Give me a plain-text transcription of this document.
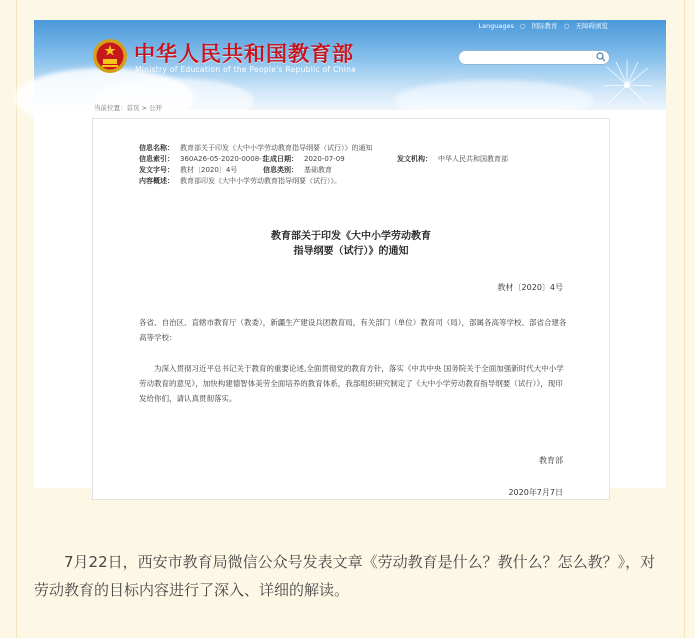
中华人民共和国教育部
Ministry of Education of the People's Republic of China
Languages ○ 国际教育 ○ 无障碍浏览
当前位置：首页 > 公开
信息名称： 教育部关于印发《大中小学劳动教育指导纲要（试行）》的通知
信息索引： 360A26-05-2020-0008-1
生成日期： 2020-07-09	发文机构： 中华人民共和国教育部
发文字号： 教材〔2020〕4号	信息类别： 基础教育
内容概述： 教育部印发《大中小学劳动教育指导纲要（试行）》。
教育部关于印发《大中小学劳动教育
指导纲要（试行）》的通知
教材〔2020〕4号
各省、自治区、直辖市教育厅（教委），新疆生产建设兵团教育局，有关部门（单位）教育司（局），部属各高等学校、部省合建各高等学校：
为深入贯彻习近平总书记关于教育的重要论述,全面贯彻党的教育方针，落实《中共中央 国务院关于全面加强新时代大中小学劳动教育的意见》，加快构建德智体美劳全面培养的教育体系，我部组织研究制定了《大中小学劳动教育指导纲要（试行）》，现印发给你们，请认真贯彻落实。
教育部
2020年7月7日
7月22日，西安市教育局微信公众号发表文章《劳动教育是什么？教什么？怎么教？》，对劳动教育的目标内容进行了深入、详细的解读。
